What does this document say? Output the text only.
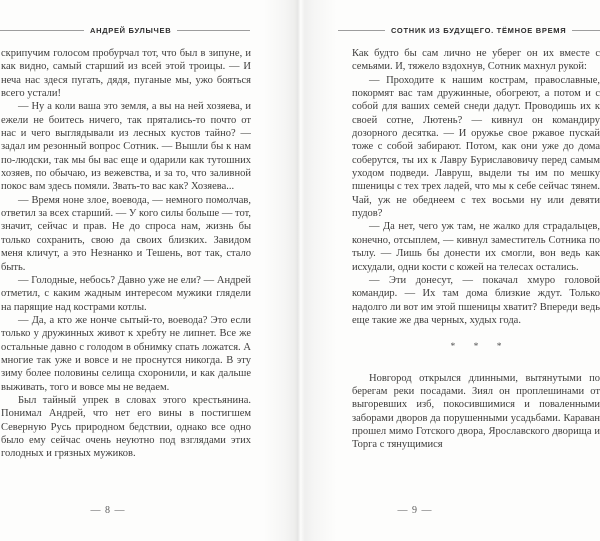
АНДРЕЙ БУЛЫЧЕВ

скрипучим голосом пробурчал тот, что был в зипуне, и как видно, самый старший из всей этой троицы. — И неча нас здеся пугать, дядя, пуганые мы, ужо бояться всего устали!

— Ну а коли ваша это земля, а вы на ней хозяева, и ежели не боитесь ничего, так прятались-то почто от нас и чего выглядывали из лесных кустов тайно? — задал им резонный вопрос Сотник. — Вышли бы к нам по-людски, так мы бы вас еще и одарили как тутошних хозяев, по обычаю, из вежевства, и за то, что заливной покос вам здесь помяли. Звать-то вас как? Хозяева...

— Время ноне злое, воевода, — немного помолчав, ответил за всех старший. — У кого силы больше — тот, значит, сейчас и прав. Не до спроса нам, жизнь бы только сохранить, свою да своих близких. Завидом меня кличут, а это Незнанко и Тешень, вот так, стало быть.

— Голодные, небось? Давно уже не ели? — Андрей отметил, с каким жадным интересом мужики глядели на парящие над кострами котлы.

— Да, а кто же нонче сытый-то, воевода? Это если только у дружинных живот к хребту не липнет. Все же остальные давно с голодом в обнимку спать ложатся. А многие так уже и вовсе и не проснутся никогда. В эту зиму более половины селища схоронили, и как дальше выживать, того и вовсе мы не ведаем.

Был тайный упрек в словах этого крестьянина. Понимал Андрей, что нет его вины в постигшем Северную Русь природном бедствии, однако все одно было ему сейчас очень неуютно под взглядами этих голодных и грязных мужиков.

— 8 —
СОТНИК ИЗ БУДУЩЕГО. ТЁМНОЕ ВРЕМЯ

Как будто бы сам лично не уберег он их вместе с семьями. И, тяжело вздохнув, Сотник махнул рукой:

— Проходите к нашим кострам, православные, покормят вас там дружинные, обогреют, а потом и с собой для ваших семей снеди дадут. Проводишь их к своей сотне, Лютень? — кивнул он командиру дозорного десятка. — И оружье свое ржавое пускай тоже с собой забирают. Потом, как они уже до дома соберутся, ты их к Лавру Буриславовичу перед самым уходом подведи. Лавруш, выдели ты им по мешку пшеницы с тех трех ладей, что мы к себе сейчас тянем. Чай, уж не обеднеем с тех восьми ну или девяти пудов?

— Да нет, чего уж там, не жалко для страдальцев, конечно, отсыплем, — кивнул заместитель Сотника по тылу. — Лишь бы донести их смогли, вон ведь как исхудали, одни кости с кожей на телесах остались.

— Эти донесут, — покачал хмуро головой командир. — Их там дома близкие ждут. Только надолго ли вот им этой пшеницы хватит? Впереди ведь еще такие же два черных, худых года.

* * *

Новгород открылся длинными, вытянутыми по берегам реки посадами. Зиял он проплешинами от выгоревших изб, покосившимися и поваленными заборами дворов да порушенными усадьбами. Караван прошел мимо Готского двора, Ярославского дворища и Торга с тянущимися

— 9 —
